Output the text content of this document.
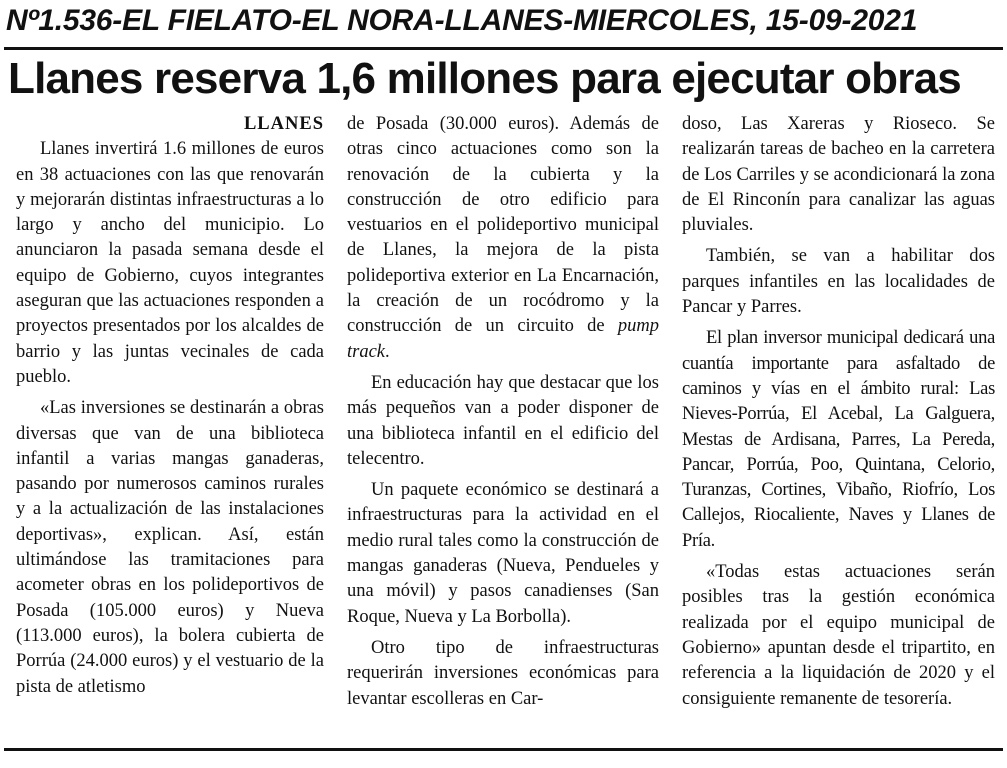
Nº1.536-EL FIELATO-EL NORA-LLANES-MIERCOLES, 15-09-2021
Llanes reserva 1,6 millones para ejecutar obras

LLANES

Llanes invertirá 1.6 millones de euros en 38 actuaciones con las que renovarán y mejorarán distintas infraestructuras a lo largo y ancho del municipio. Lo anunciaron la pasada semana desde el equipo de Gobierno, cuyos integrantes aseguran que las actuaciones responden a proyectos presentados por los alcaldes de barrio y las juntas vecinales de cada pueblo.

«Las inversiones se destinarán a obras diversas que van de una biblioteca infantil a varias mangas ganaderas, pasando por numerosos caminos rurales y a la actualización de las instalaciones deportivas», explican. Así, están ultimándose las tramitaciones para acometer obras en los polideportivos de Posada (105.000 euros) y Nueva (113.000 euros), la bolera cubierta de Porrúa (24.000 euros) y el vestuario de la pista de atletismo

de Posada (30.000 euros). Además de otras cinco actuaciones como son la renovación de la cubierta y la construcción de otro edificio para vestuarios en el polideportivo municipal de Llanes, la mejora de la pista polideportiva exterior en La Encarnación, la creación de un rocódromo y la construcción de un circuito de pump track.

En educación hay que destacar que los más pequeños van a poder disponer de una biblioteca infantil en el edificio del telecentro.

Un paquete económico se destinará a infraestructuras para la actividad en el medio rural tales como la construcción de mangas ganaderas (Nueva, Pendueles y una móvil) y pasos canadienses (San Roque, Nueva y La Borbolla).

Otro tipo de infraestructuras requerirán inversiones económicas para levantar escolleras en Car-

doso, Las Xareras y Rioseco. Se realizarán tareas de bacheo en la carretera de Los Carriles y se acondicionará la zona de El Rinconín para canalizar las aguas pluviales.

También, se van a habilitar dos parques infantiles en las localidades de Pancar y Parres.

El plan inversor municipal dedicará una cuantía importante para asfaltado de caminos y vías en el ámbito rural: Las Nieves-Porrúa, El Acebal, La Galguera, Mestas de Ardisana, Parres, La Pereda, Pancar, Porrúa, Poo, Quintana, Celorio, Turanzas, Cortines, Vibaño, Riofrío, Los Callejos, Riocaliente, Naves y Llanes de Pría.

«Todas estas actuaciones serán posibles tras la gestión económica realizada por el equipo municipal de Gobierno» apuntan desde el tripartito, en referencia a la liquidación de 2020 y el consiguiente remanente de tesorería.
